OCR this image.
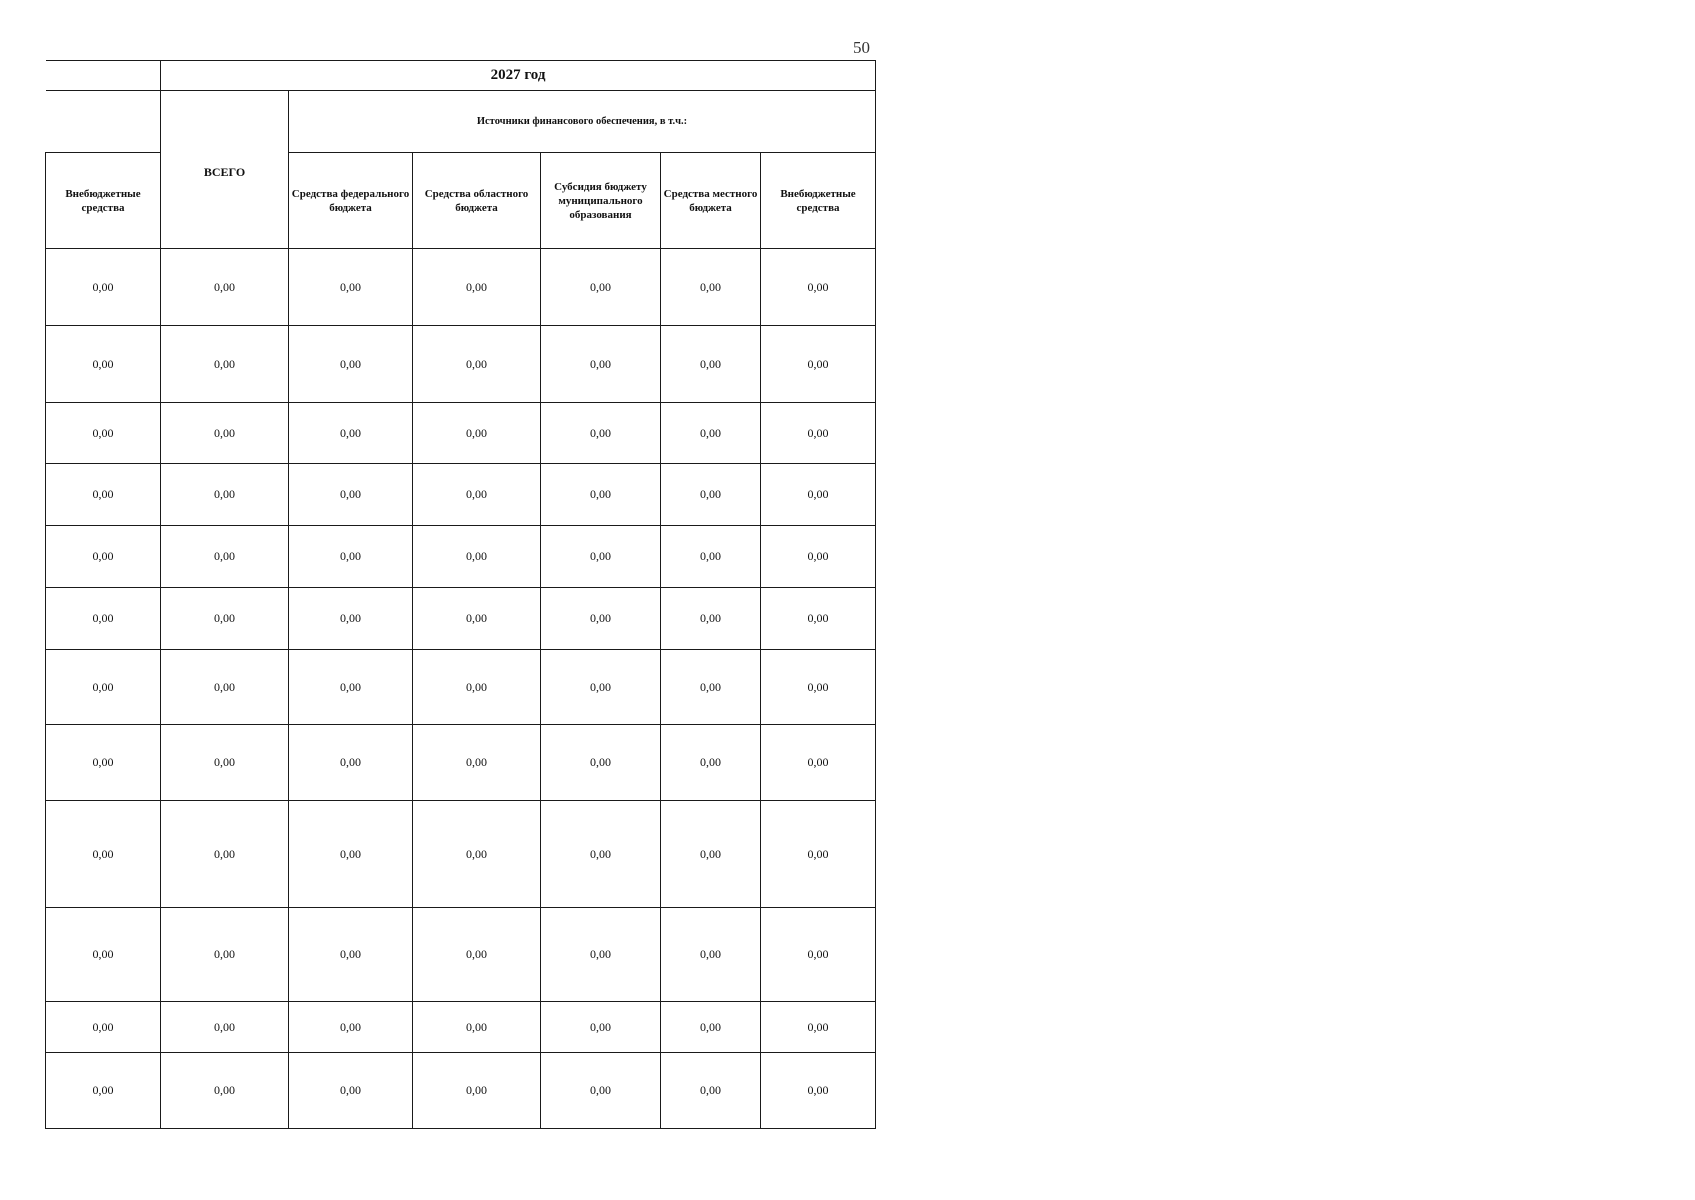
50
	2027 год					
	ВСЕГО	Источники финансового обеспечения, в т.ч.:				
Внебюджетные средства		Средства федерального бюджета	Средства областного бюджета	Субсидия бюджету муниципального образования	Средства местного бюджета	Внебюджетные средства
0,00	0,00	0,00	0,00	0,00	0,00	0,00
0,00	0,00	0,00	0,00	0,00	0,00	0,00
0,00	0,00	0,00	0,00	0,00	0,00	0,00
0,00	0,00	0,00	0,00	0,00	0,00	0,00
0,00	0,00	0,00	0,00	0,00	0,00	0,00
0,00	0,00	0,00	0,00	0,00	0,00	0,00
0,00	0,00	0,00	0,00	0,00	0,00	0,00
0,00	0,00	0,00	0,00	0,00	0,00	0,00
0,00	0,00	0,00	0,00	0,00	0,00	0,00
0,00	0,00	0,00	0,00	0,00	0,00	0,00
0,00	0,00	0,00	0,00	0,00	0,00	0,00
0,00	0,00	0,00	0,00	0,00	0,00	0,00
